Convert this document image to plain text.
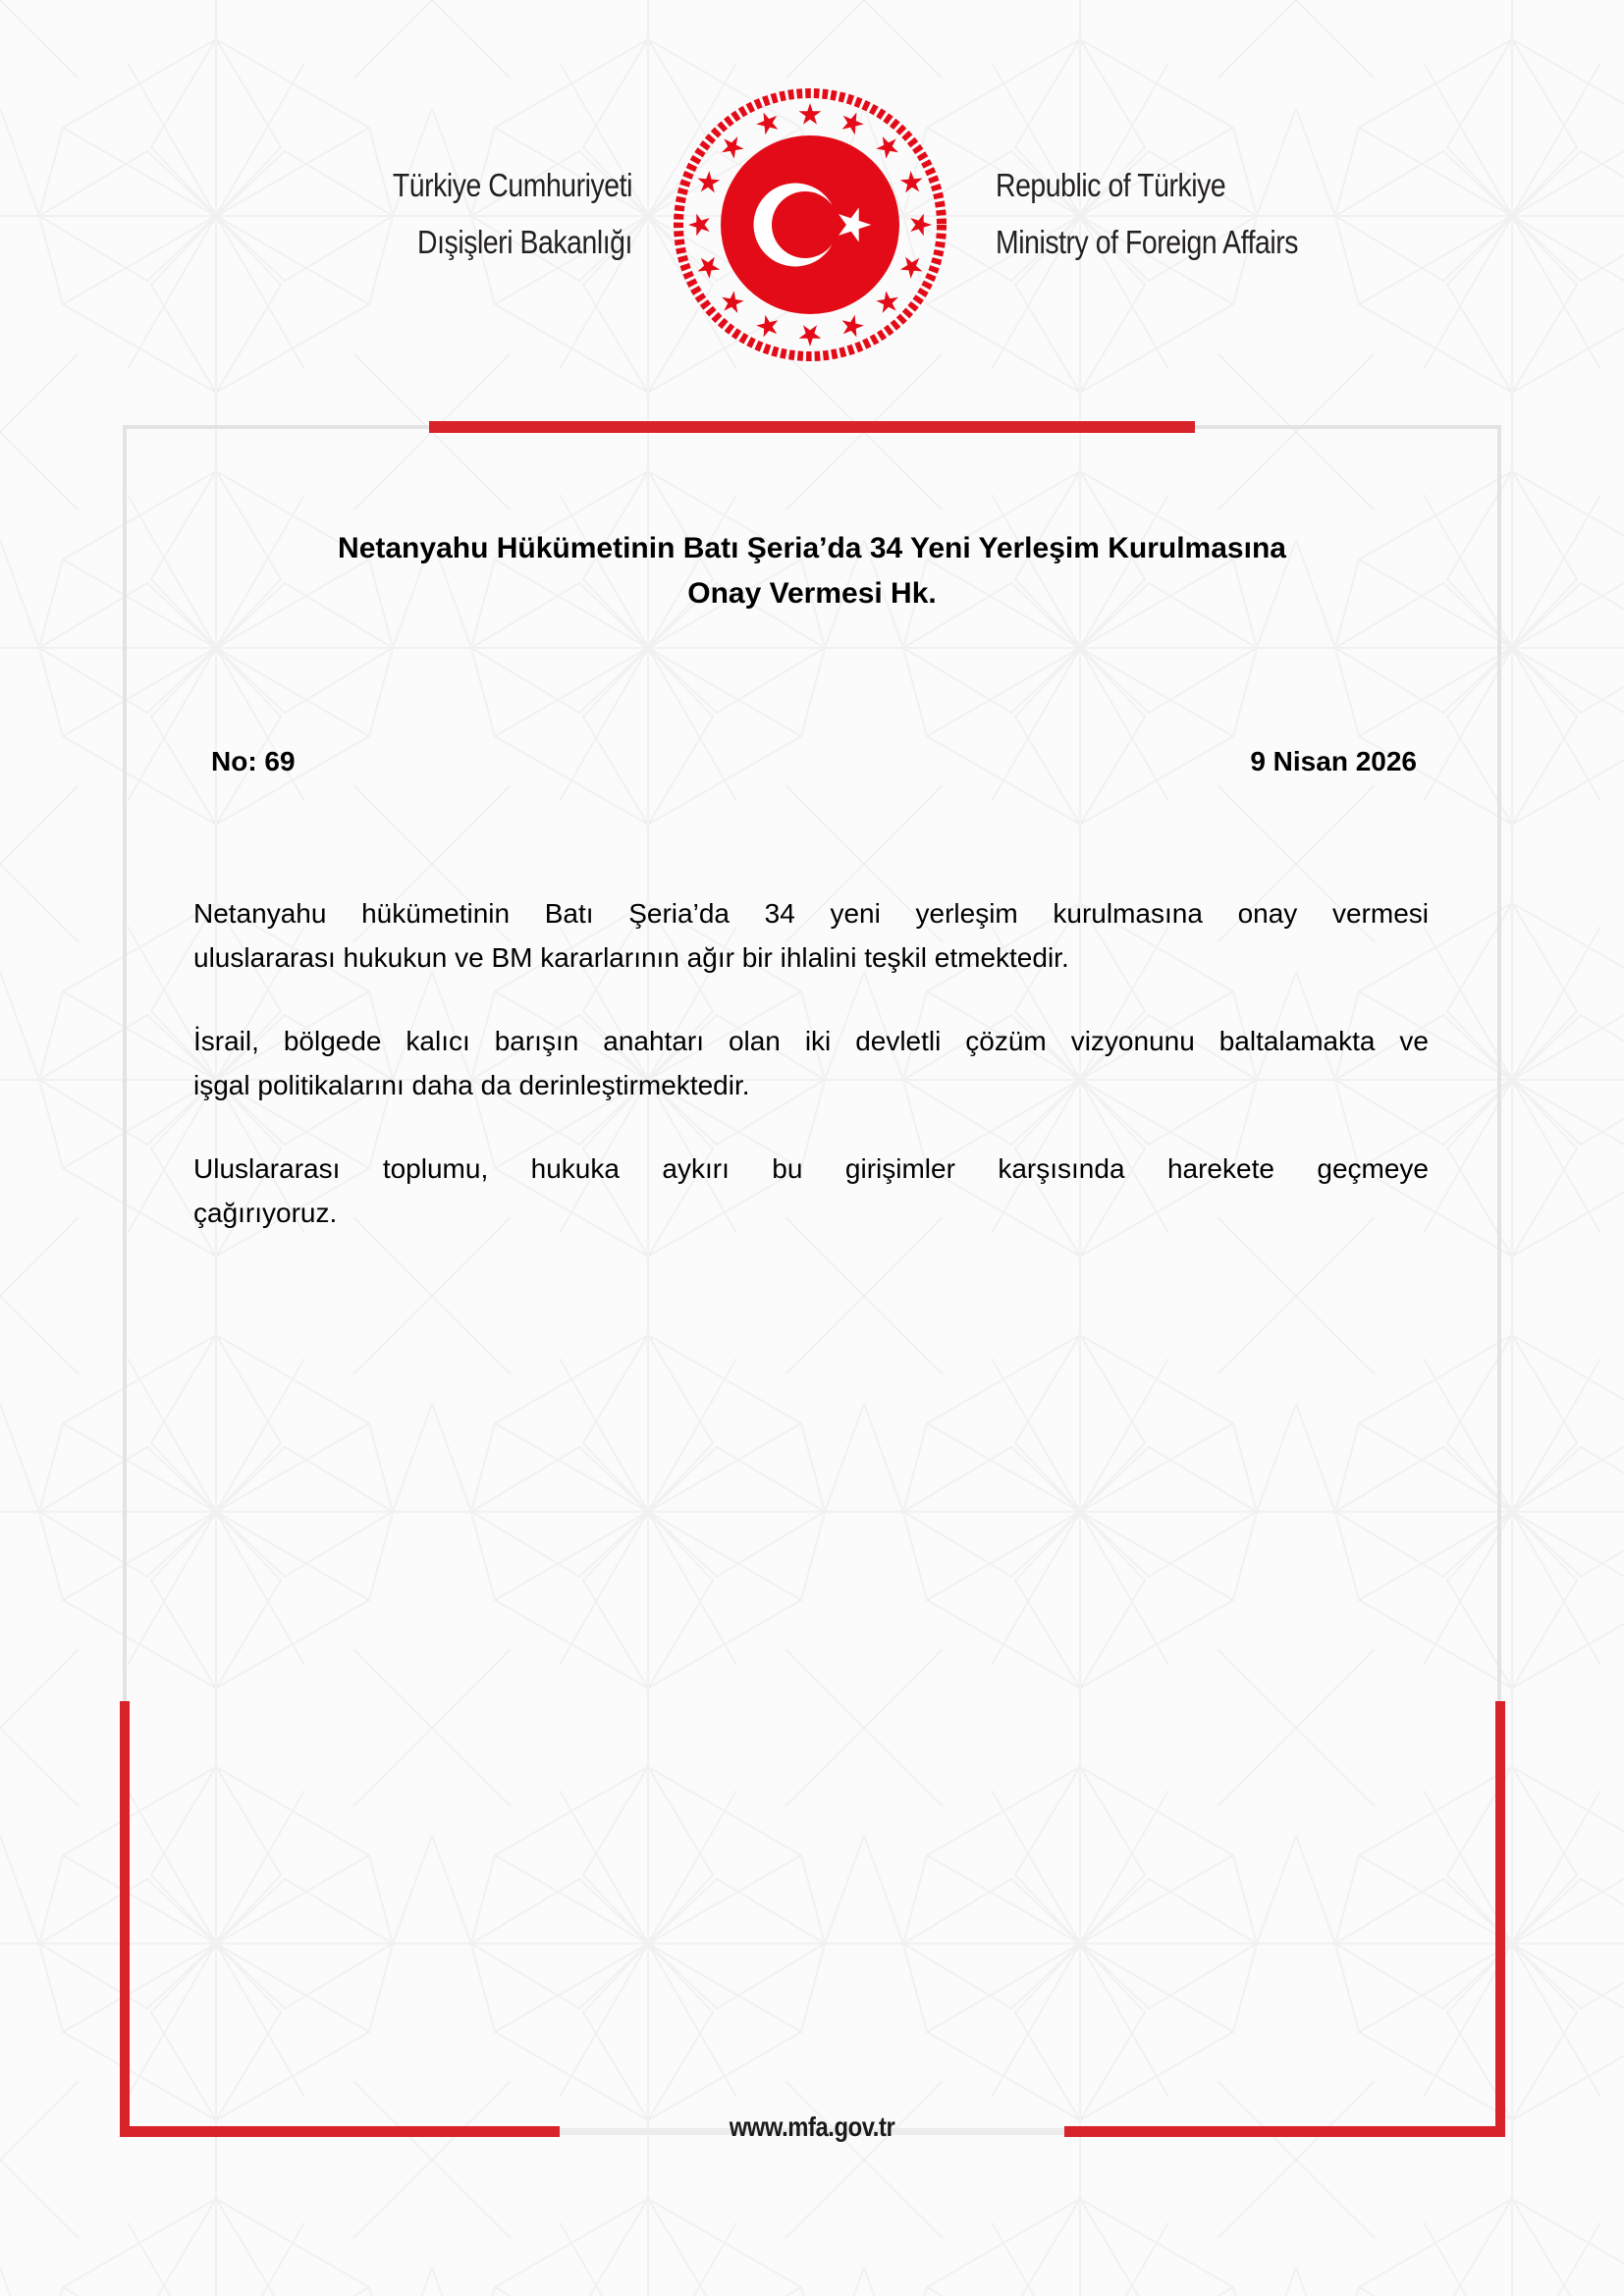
Türkiye Cumhuriyeti
Dışişleri Bakanlığı
Republic of Türkiye
Ministry of Foreign Affairs
Netanyahu Hükümetinin Batı Şeria’da 34 Yeni Yerleşim Kurulmasına
Onay Vermesi Hk.
No: 69	9 Nisan 2026
Netanyahu hükümetinin Batı Şeria’da 34 yeni yerleşim kurulmasına onay vermesi
uluslararası hukukun ve BM kararlarının ağır bir ihlalini teşkil etmektedir.
İsrail, bölgede kalıcı barışın anahtarı olan iki devletli çözüm vizyonunu baltalamakta ve
işgal politikalarını daha da derinleştirmektedir.
Uluslararası toplumu, hukuka aykırı bu girişimler karşısında harekete geçmeye
çağırıyoruz.
www.mfa.gov.tr
